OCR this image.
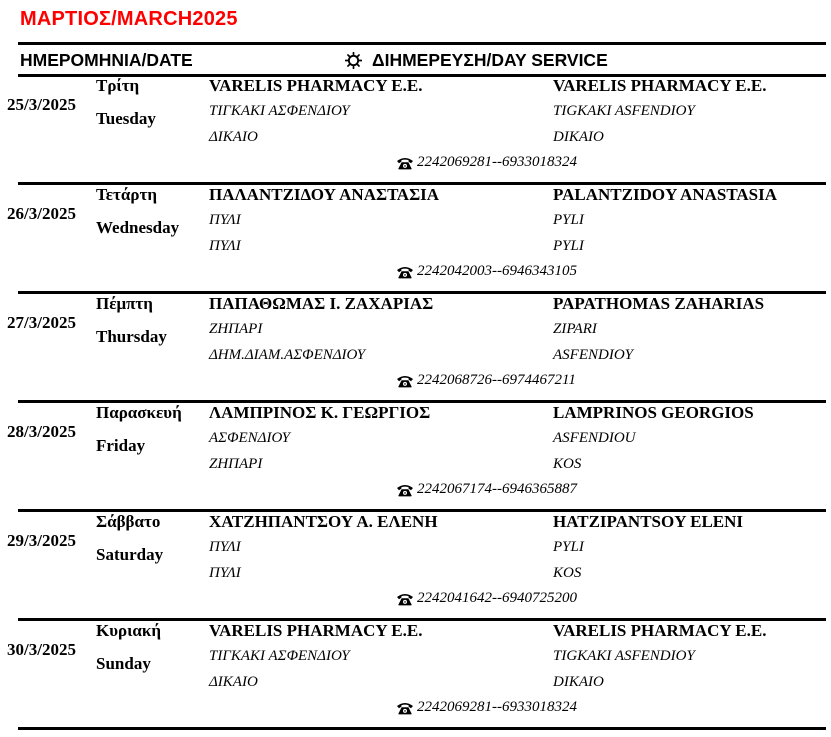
ΜΑΡΤΙΟΣ/MARCH2025
ΗΜΕΡΟΜΗΝΙΑ/DATE	ΔΙΗΜΕΡΕΥΣΗ/DAY SERVICE
25/3/2025
Τρίτη
Tuesday
VARELIS PHARMACY E.E.	VARELIS PHARMACY E.E.
ΤΙΓΚΑΚΙ ΑΣΦΕΝΔΙΟΥ	TIGKAKI ASFENDIOY
ΔΙΚΑΙΟ	DIKAIO
2242069281--6933018324
26/3/2025
Τετάρτη
Wednesday
ΠΑΛΑΝΤΖΙΔΟΥ ΑΝΑΣΤΑΣΙΑ	PALANTZIDOY ANASTASIA
ΠΥΛΙ	PYLI
ΠΥΛΙ	PYLI
2242042003--6946343105
27/3/2025
Πέμπτη
Thursday
ΠΑΠΑΘΩΜΑΣ Ι. ΖΑΧΑΡΙΑΣ	PAPATHOMAS ZAHARIAS
ΖΗΠΑΡΙ	ZIPARI
ΔΗΜ.ΔΙΑΜ.ΑΣΦΕΝΔΙΟΥ	ASFENDIOY
2242068726--6974467211
28/3/2025
Παρασκευή
Friday
ΛΑΜΠΡΙΝΟΣ Κ. ΓΕΩΡΓΙΟΣ	LAMPRINOS GEORGIOS
ΑΣΦΕΝΔΙΟΥ	ASFENDIOU
ΖΗΠΑΡΙ	KOS
2242067174--6946365887
29/3/2025
Σάββατο
Saturday
ΧΑΤΖΗΠΑΝΤΣΟΥ Α. ΕΛΕΝΗ	HATZIPANTSOY ELENI
ΠΥΛΙ	PYLI
ΠΥΛΙ	KOS
2242041642--6940725200
30/3/2025
Κυριακή
Sunday
VARELIS PHARMACY E.E.	VARELIS PHARMACY E.E.
ΤΙΓΚΑΚΙ ΑΣΦΕΝΔΙΟΥ	TIGKAKI ASFENDIOY
ΔΙΚΑΙΟ	DIKAIO
2242069281--6933018324
